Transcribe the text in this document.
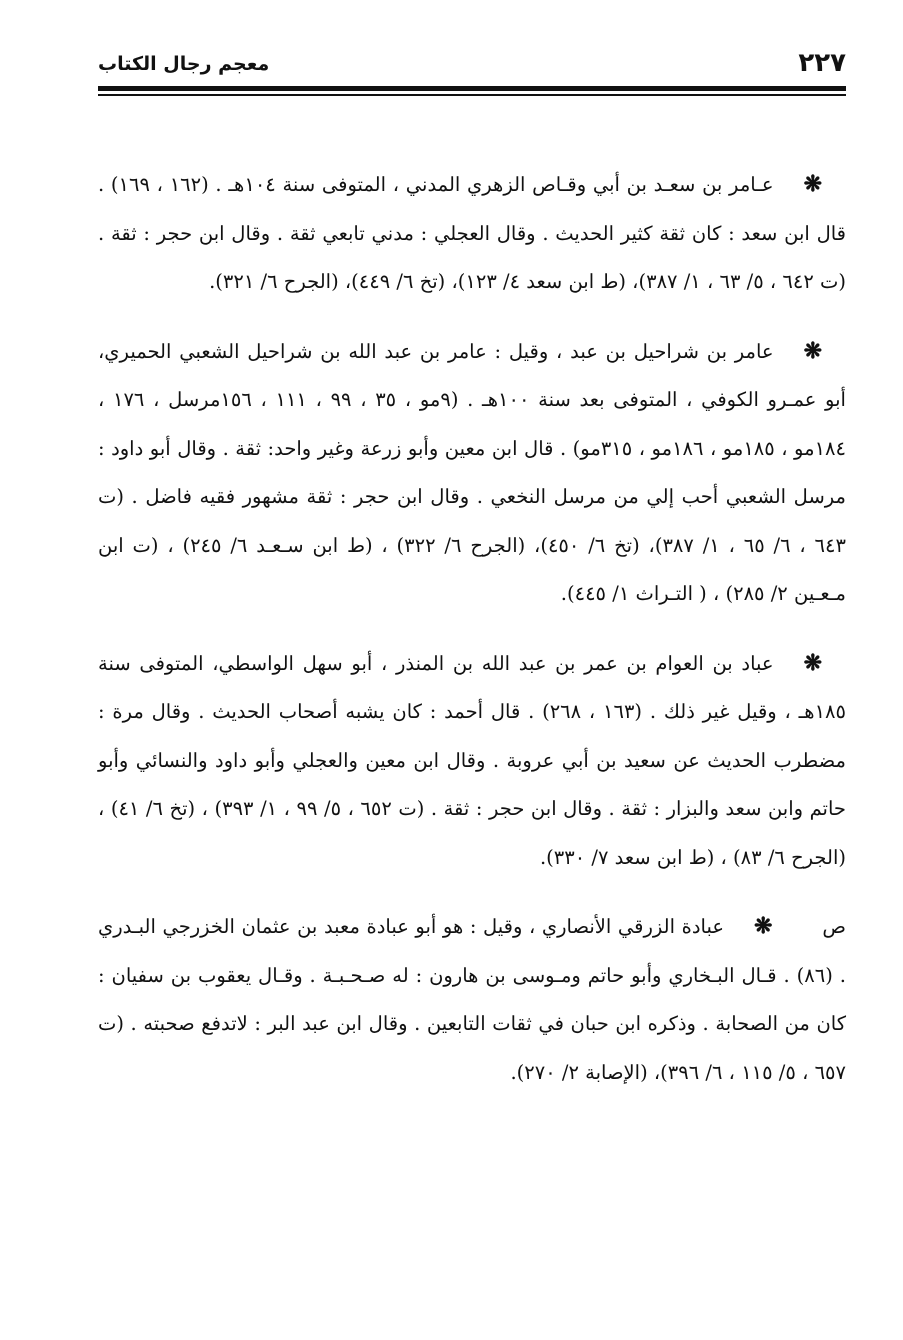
٢٢٧
معجم رجال الكتاب

❋عـامر بن سعـد بن أبي وقـاص الزهري المدني ، المتوفى سنة ١٠٤هـ . (١٦٢ ، ١٦٩) . قال ابن سعد : كان ثقة كثير الحديث . وقال العجلي : مدني تابعي ثقة . وقال ابن حجر : ثقة . (ت ٦٤٢ ، ٥/ ٦٣ ، ١/ ٣٨٧)، (ط ابن سعد ٤/ ١٢٣)، (تخ ٦/ ٤٤٩)، (الجرح ٦/ ٣٢١).

❋عامر بن شراحيل بن عبد ، وقيل : عامر بن عبد الله بن شراحيل الشعبي الحميري، أبو عمـرو الكوفي ، المتوفى بعد سنة ١٠٠هـ . (٩مو ، ٣٥ ، ٩٩ ، ١١١ ، ١٥٦مرسل ، ١٧٦ ، ١٨٤مو ، ١٨٥مو ، ١٨٦مو ، ٣١٥مو) . قال ابن معين وأبو زرعة وغير واحد: ثقة . وقال أبو داود : مرسل الشعبي أحب إلي من مرسل النخعي . وقال ابن حجر : ثقة مشهور فقيه فاضل . (ت ٦٤٣ ، ٦/ ٦٥ ، ١/ ٣٨٧)، (تخ ٦/ ٤٥٠)، (الجرح ٦/ ٣٢٢) ، (ط ابن سـعـد ٦/ ٢٤٥) ، (ت ابن مـعـين ٢/ ٢٨٥) ، ( التـراث ١/ ٤٤٥).

❋عباد بن العوام بن عمر بن عبد الله بن المنذر ، أبو سهل الواسطي، المتوفى سنة ١٨٥هـ ، وقيل غير ذلك . (١٦٣ ، ٢٦٨) . قال أحمد : كان يشبه أصحاب الحديث . وقال مرة : مضطرب الحديث عن سعيد بن أبي عروبة . وقال ابن معين والعجلي وأبو داود والنسائي وأبو حاتم وابن سعد والبزار : ثقة . وقال ابن حجر : ثقة . (ت ٦٥٢ ، ٥/ ٩٩ ، ١/ ٣٩٣) ، (تخ ٦/ ٤١) ، (الجرح ٦/ ٨٣) ، (ط ابن سعد ٧/ ٣٣٠).

ص❋عبادة الزرقي الأنصاري ، وقيل : هو أبو عبادة معبد بن عثمان الخزرجي البـدري . (٨٦) . قـال البـخاري وأبو حاتم ومـوسى بن هارون : له صـحـبـة . وقـال يعقوب بن سفيان : كان من الصحابة . وذكره ابن حبان في ثقات التابعين . وقال ابن عبد البر : لاتدفع صحبته . (ت ٦٥٧ ، ٥/ ١١٥ ، ٦/ ٣٩٦)، (الإصابة ٢/ ٢٧٠).
